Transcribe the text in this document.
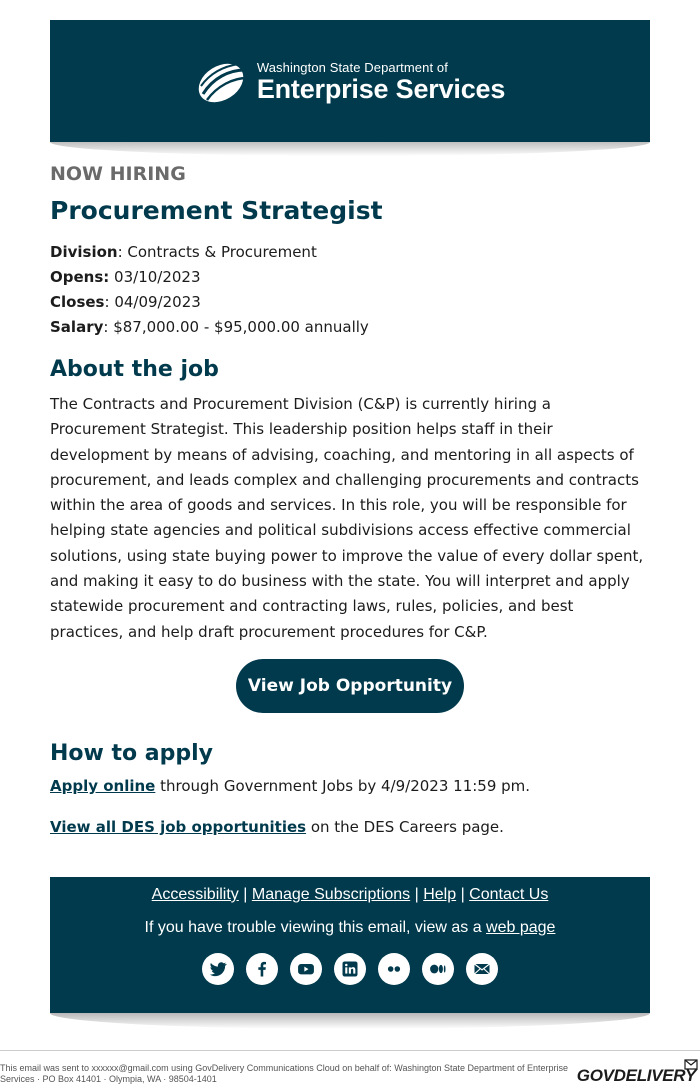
Washington State Department of
Enterprise Services
NOW HIRING
Procurement Strategist
Division: Contracts & Procurement
Opens: 03/10/2023
Closes: 04/09/2023
Salary: $87,000.00 - $95,000.00 annually
About the job

The Contracts and Procurement Division (C&P) is currently hiring a Procurement Strategist. This leadership position helps staff in their development by means of advising, coaching, and mentoring in all aspects of procurement, and leads complex and challenging procurements and contracts within the area of goods and services. In this role, you will be responsible for helping state agencies and political subdivisions access effective commercial solutions, using state buying power to improve the value of every dollar spent, and making it easy to do business with the state. You will interpret and apply statewide procurement and contracting laws, rules, policies, and best practices, and help draft procurement procedures for C&P.

View Job Opportunity
How to apply

Apply online through Government Jobs by 4/9/2023 11:59 pm.

View all DES job opportunities on the DES Careers page.

Accessibility | Manage Subscriptions | Help | Contact Us
If you have trouble viewing this email, view as a web page
This email was sent to xxxxxx@gmail.com using GovDelivery Communications Cloud on behalf of: Washington State Department of Enterprise Services · PO Box 41401 · Olympia, WA · 98504-1401	GOVDELIVERY
